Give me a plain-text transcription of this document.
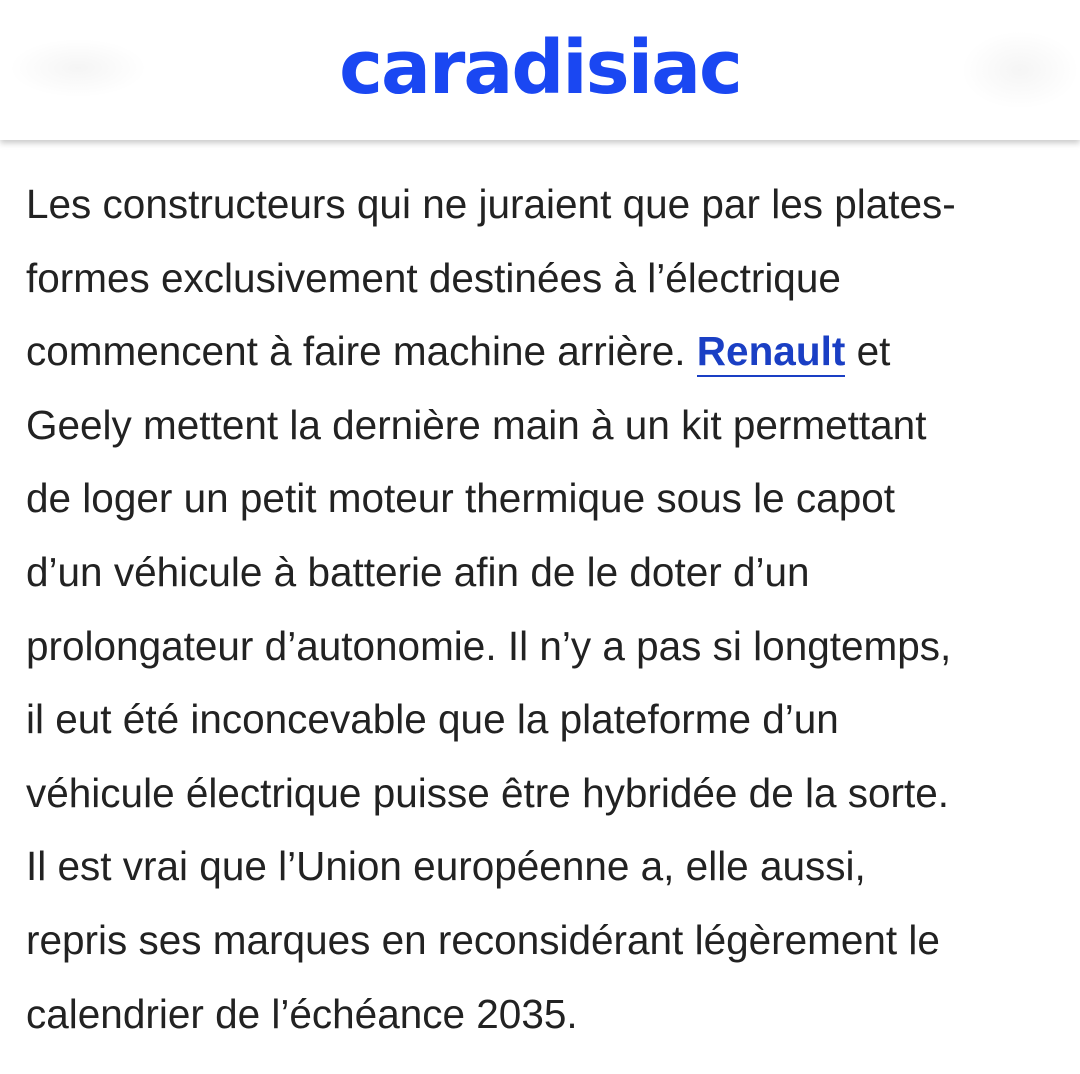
caradisiac

Les constructeurs qui ne juraient que par les plates-
formes exclusivement destinées à l’électrique
commencent à faire machine arrière. Renault et
Geely mettent la dernière main à un kit permettant
de loger un petit moteur thermique sous le capot
d’un véhicule à batterie afin de le doter d’un
prolongateur d’autonomie. Il n’y a pas si longtemps,
il eut été inconcevable que la plateforme d’un
véhicule électrique puisse être hybridée de la sorte.
Il est vrai que l’Union européenne a, elle aussi,
repris ses marques en reconsidérant légèrement le
calendrier de l’échéance 2035.
